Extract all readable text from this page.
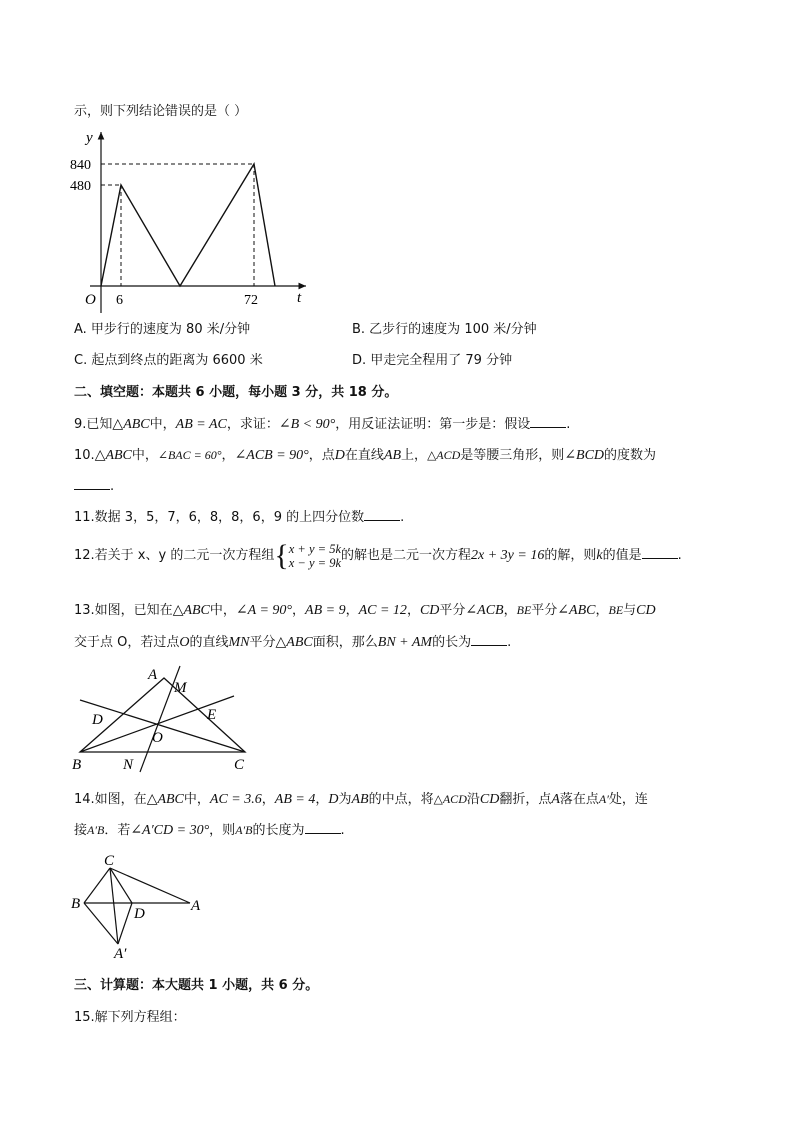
示，则下列结论错误的是（ ）
y
840
480
O 6	72	t
A. 甲步行的速度为 80 米/分钟	B. 乙步行的速度为 100 米/分钟
C. 起点到终点的距离为 6600 米	D. 甲走完全程用了 79 分钟
二、填空题：本题共 6 小题，每小题 3 分，共 18 分。
9.已知△ABC中，AB = AC，求证：∠B < 90°，用反证法证明：第一步是：假设	.
10.△ABC中，∠BAC = 60°，∠ACB = 90°，点D在直线AB上，△ACD是等腰三角形，则∠BCD的度数为
.
11.数据 3，5，7，6，8，8，6，9 的上四分位数	.
12.若关于 x、y 的二元一次方程组{x + y = 5k
x − y = 9k的解也是二元一次方程2x + 3y = 16的解，则k的值是	.
13.如图，已知在△ABC中，∠A = 90°，AB = 9，AC = 12，CD平分∠ACB，BE平分∠ABC，BE与CD
交于点 O，若过点O的直线MN平分△ABC面积，那么BN + AM的长为	.
A
M
D	E
O
B	N	C
14.如图，在△ABC中，AC = 3.6，AB = 4，D为AB的中点，将△ACD沿CD翻折，点A落在点A′处，连
接A′B．若∠A′CD = 30°，则A′B的长度为	.
C
B
D	A
A′
三、计算题：本大题共 1 小题，共 6 分。
15.解下列方程组：
